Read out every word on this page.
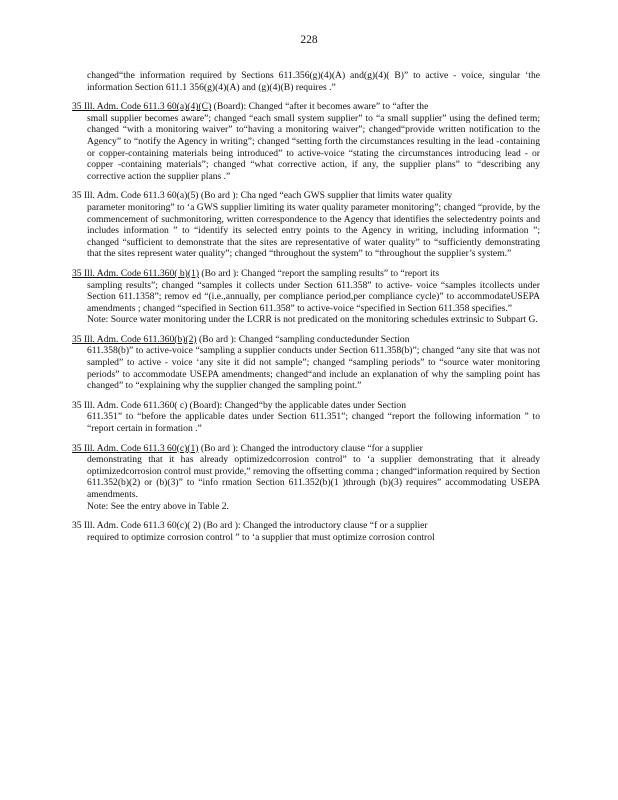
228
changed“the information required by Sections 611.356(g)(4)(A) and(g)(4)( B)” to active - voice, singular ‘the information Section 611.1 356(g)(4)(A) and (g)(4)(B) requires .”
35 Ill. Adm. Code 611.3 60(a)(4)(C) (Board): Changed “after it becomes aware” to “after the
small supplier becomes aware”; changed “each small system supplier” to “a small supplier” using the defined term; changed “with a monitoring waiver” to“having a monitoring waiver”; changed“provide written notification to the Agency” to “notify the Agency in writing”; changed “setting forth the circumstances resulting in the lead -containing or copper-containing materials being introduced” to active-voice “stating the circumstances introducing lead - or copper -containing materials”; changed “what corrective action, if any, the supplier plans” to “describing any corrective action the supplier plans .”
35 Ill. Adm. Code 611.3 60(a)(5) (Bo ard ): Cha nged “each GWS supplier that limits water quality
parameter monitoring” to ‘a GWS supplier limiting its water quality parameter monitoring”; changed “provide, by the commencement of suchmonitoring, written correspondence to the Agency that identifies the selectedentry points and includes information ” to “identify its selected entry points to the Agency in writing, including information ”; changed “sufficient to demonstrate that the sites are representative of water quality” to “sufficiently demonstrating that the sites represent water quality”; changed “throughout the system” to “throughout the supplier’s system.”
35 Ill. Adm. Code 611.360( b)(1) (Bo ard ): Changed “report the sampling results” to “report its
sampling results”; changed “samples it collects under Section 611.358” to active- voice “samples itcollects under Section 611.1358”; remov ed “(i.e.,annually, per compliance period,per compliance cycle)” to accommodateUSEPA amendments ; changed “specified in Section 611.358” to active-voice “specified in Section 611.358 specifies.”
Note: Source water monitoring under the LCRR is not predicated on the monitoring schedules extrinsic to Subpart G.
35 Ill. Adm. Code 611.360(b)(2) (Bo ard ): Changed “sampling conductedunder Section
611.358(b)” to active-voice “sampling a supplier conducts under Section 611.358(b)”; changed “any site that was not sampled” to active - voice ‘any site it did not sample”; changed “sampling periods” to “source water monitoring periods” to accommodate USEPA amendments; changed“and include an explanation of why the sampling point has changed” to “explaining why the supplier changed the sampling point.”
35 Ill. Adm. Code 611.360( c) (Board): Changed“by the applicable dates under Section
611.351” to “before the applicable dates under Section 611.351”; changed “report the following information ” to “report certain in formation .”
35 Ill. Adm. Code 611.3 60(c)(1) (Bo ard ): Changed the introductory clause “for a supplier
demonstrating that it has already optimizedcorrosion control” to ‘a supplier demonstrating that it already optimizedcorrosion control must provide,” removing the offsetting comma ; changed“information required by Section 611.352(b)(2) or (b)(3)” to “info rmation Section 611.352(b)(1 )through (b)(3) requires” accommodating USEPA amendments.
Note: See the entry above in Table 2.
35 Ill. Adm. Code 611.3 60(c)( 2) (Bo ard ): Changed the introductory clause “f or a supplier
required to optimize corrosion control ” to ‘a supplier that must optimize corrosion control
